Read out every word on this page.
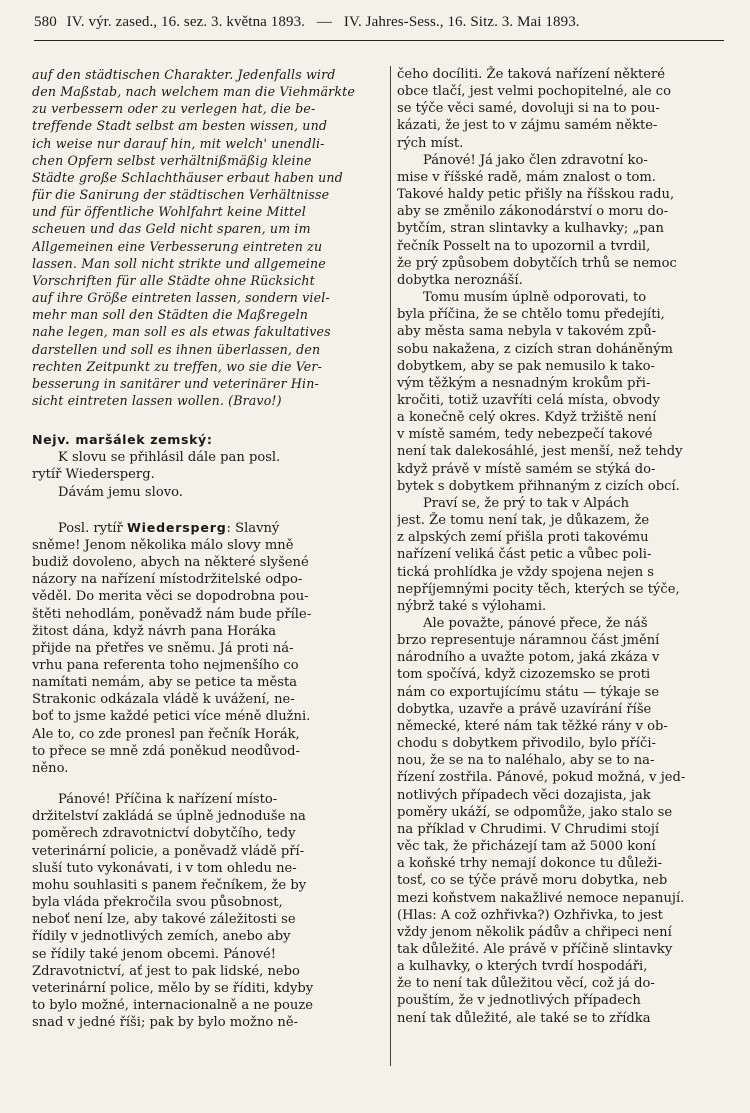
580 IV. výr. zased., 16. sez. 3. května 1893. — IV. Jahres-Sess., 16. Sitz. 3. Mai 1893.
auf den städtischen Charakter. Jedenfalls wird
den Maßstab, nach welchem man die Viehmärkte
zu verbessern oder zu verlegen hat, die be-
treffende Stadt selbst am besten wissen, und
ich weise nur darauf hin, mit welch' unendli-
chen Opfern selbst verhältnißmäßig kleine
Städte große Schlachthäuser erbaut haben und
für die Sanirung der städtischen Verhältnisse
und für öffentliche Wohlfahrt keine Mittel
scheuen und das Geld nicht sparen, um im
Allgemeinen eine Verbesserung eintreten zu
lassen. Man soll nicht strikte und allgemeine
Vorschriften für alle Städte ohne Rücksicht
auf ihre Größe eintreten lassen, sondern viel-
mehr man soll den Städten die Maßregeln
nahe legen, man soll es als etwas fakultatives
darstellen und soll es ihnen überlassen, den
rechten Zeitpunkt zu treffen, wo sie die Ver-
besserung in sanitärer und veterinärer Hin-
sicht eintreten lassen wollen. (Bravo!)
Nejv. maršálek zemský:
K slovu se přihlásil dále pan posl.
rytíř Wiedersperg.
Dávám jemu slovo.
Posl. rytíř Wiedersperg: Slavný
sněme! Jenom několika málo slovy mně
budiž dovoleno, abych na některé slyšené
názory na nařízení místodržitelské odpo-
věděl. Do merita věci se dopodrobna pou-
štěti nehodlám, poněvadž nám bude příle-
žitost dána, když návrh pana Horáka
přijde na přetřes ve sněmu. Já proti ná-
vrhu pana referenta toho nejmenšího co
namítati nemám, aby se petice ta města
Strakonic odkázala vládě k uvážení, ne-
boť to jsme každé petici více méně dlužni.
Ale to, co zde pronesl pan řečník Horák,
to přece se mně zdá poněkud neodůvod-
něno.
Pánové! Příčina k nařízení místo-
držitelství zakládá se úplně jednoduše na
poměrech zdravotnictví dobytčího, tedy
veterinární policie, a poněvadž vládě pří-
sluší tuto vykonávati, i v tom ohledu ne-
mohu souhlasiti s panem řečníkem, že by
byla vláda překročila svou působnost,
neboť není lze, aby takové záležitosti se
řídily v jednotlivých zemích, anebo aby
se řídily také jenom obcemi. Pánové!
Zdravotnictví, ať jest to pak lidské, nebo
veterinární police, mělo by se říditi, kdyby
to bylo možné, internacionalně a ne pouze
snad v jedné říši; pak by bylo možno ně-
čeho docíliti. Že taková nařízení některé
obce tlačí, jest velmi pochopitelné, ale co
se týče věci samé, dovoluji si na to pou-
kázati, že jest to v zájmu samém někte-
rých míst.
Pánové! Já jako člen zdravotní ko-
mise v říšské radě, mám znalost o tom.
Takové haldy petic přišly na říšskou radu,
aby se změnilo zákonodárství o moru do-
bytčím, stran slintavky a kulhavky; „pan
řečník Posselt na to upozornil a tvrdil,
že prý způsobem dobytčích trhů se nemoc
dobytka neroznáší.
Tomu musím úplně odporovati, to
byla příčina, že se chtělo tomu předejíti,
aby města sama nebyla v takovém způ-
sobu nakažena, z cizích stran doháněným
dobytkem, aby se pak nemusilo k tako-
vým těžkým a nesnadným krokům při-
kročiti, totiž uzavříti celá místa, obvody
a konečně celý okres. Když tržiště není
v místě samém, tedy nebezpečí takové
není tak dalekosáhlé, jest menší, než tehdy
když právě v místě samém se stýká do-
bytek s dobytkem přihnaným z cizích obcí.
Praví se, že prý to tak v Alpách
jest. Že tomu není tak, je důkazem, že
z alpských zemí přišla proti takovému
nařízení veliká část petic a vůbec poli-
tická prohlídka je vždy spojena nejen s
nepříjemnými pocity těch, kterých se týče,
nýbrž také s výlohami.
Ale považte, pánové přece, že náš
brzo representuje náramnou část jmění
národního a uvažte potom, jaká zkáza v
tom spočívá, když cizozemsko se proti
nám co exportujícímu státu — týkaje se
dobytka, uzavře a právě uzavírání říše
německé, které nám tak těžké rány v ob-
chodu s dobytkem přivodilo, bylo příči-
nou, že se na to naléhalo, aby se to na-
řízení zostřila. Pánové, pokud možná, v jed-
notlivých případech věci dozajista, jak
poměry ukáží, se odpomůže, jako stalo se
na příklad v Chrudimi. V Chrudimi stojí
věc tak, že přicházejí tam až 5000 koní
a koňské trhy nemají dokonce tu důleži-
tosť, co se týče právě moru dobytka, neb
mezi koňstvem nakažlivé nemoce nepanují.
(Hlas: A což ozhřivka?) Ozhřivka, to jest
vždy jenom několik pádův a chřipeci není
tak důležité. Ale právě v příčině slintavky
a kulhavky, o kterých tvrdí hospodáři,
že to není tak důležitou věcí, což já do-
pouštím, že v jednotlivých případech
není tak důležité, ale také se to zřídka
